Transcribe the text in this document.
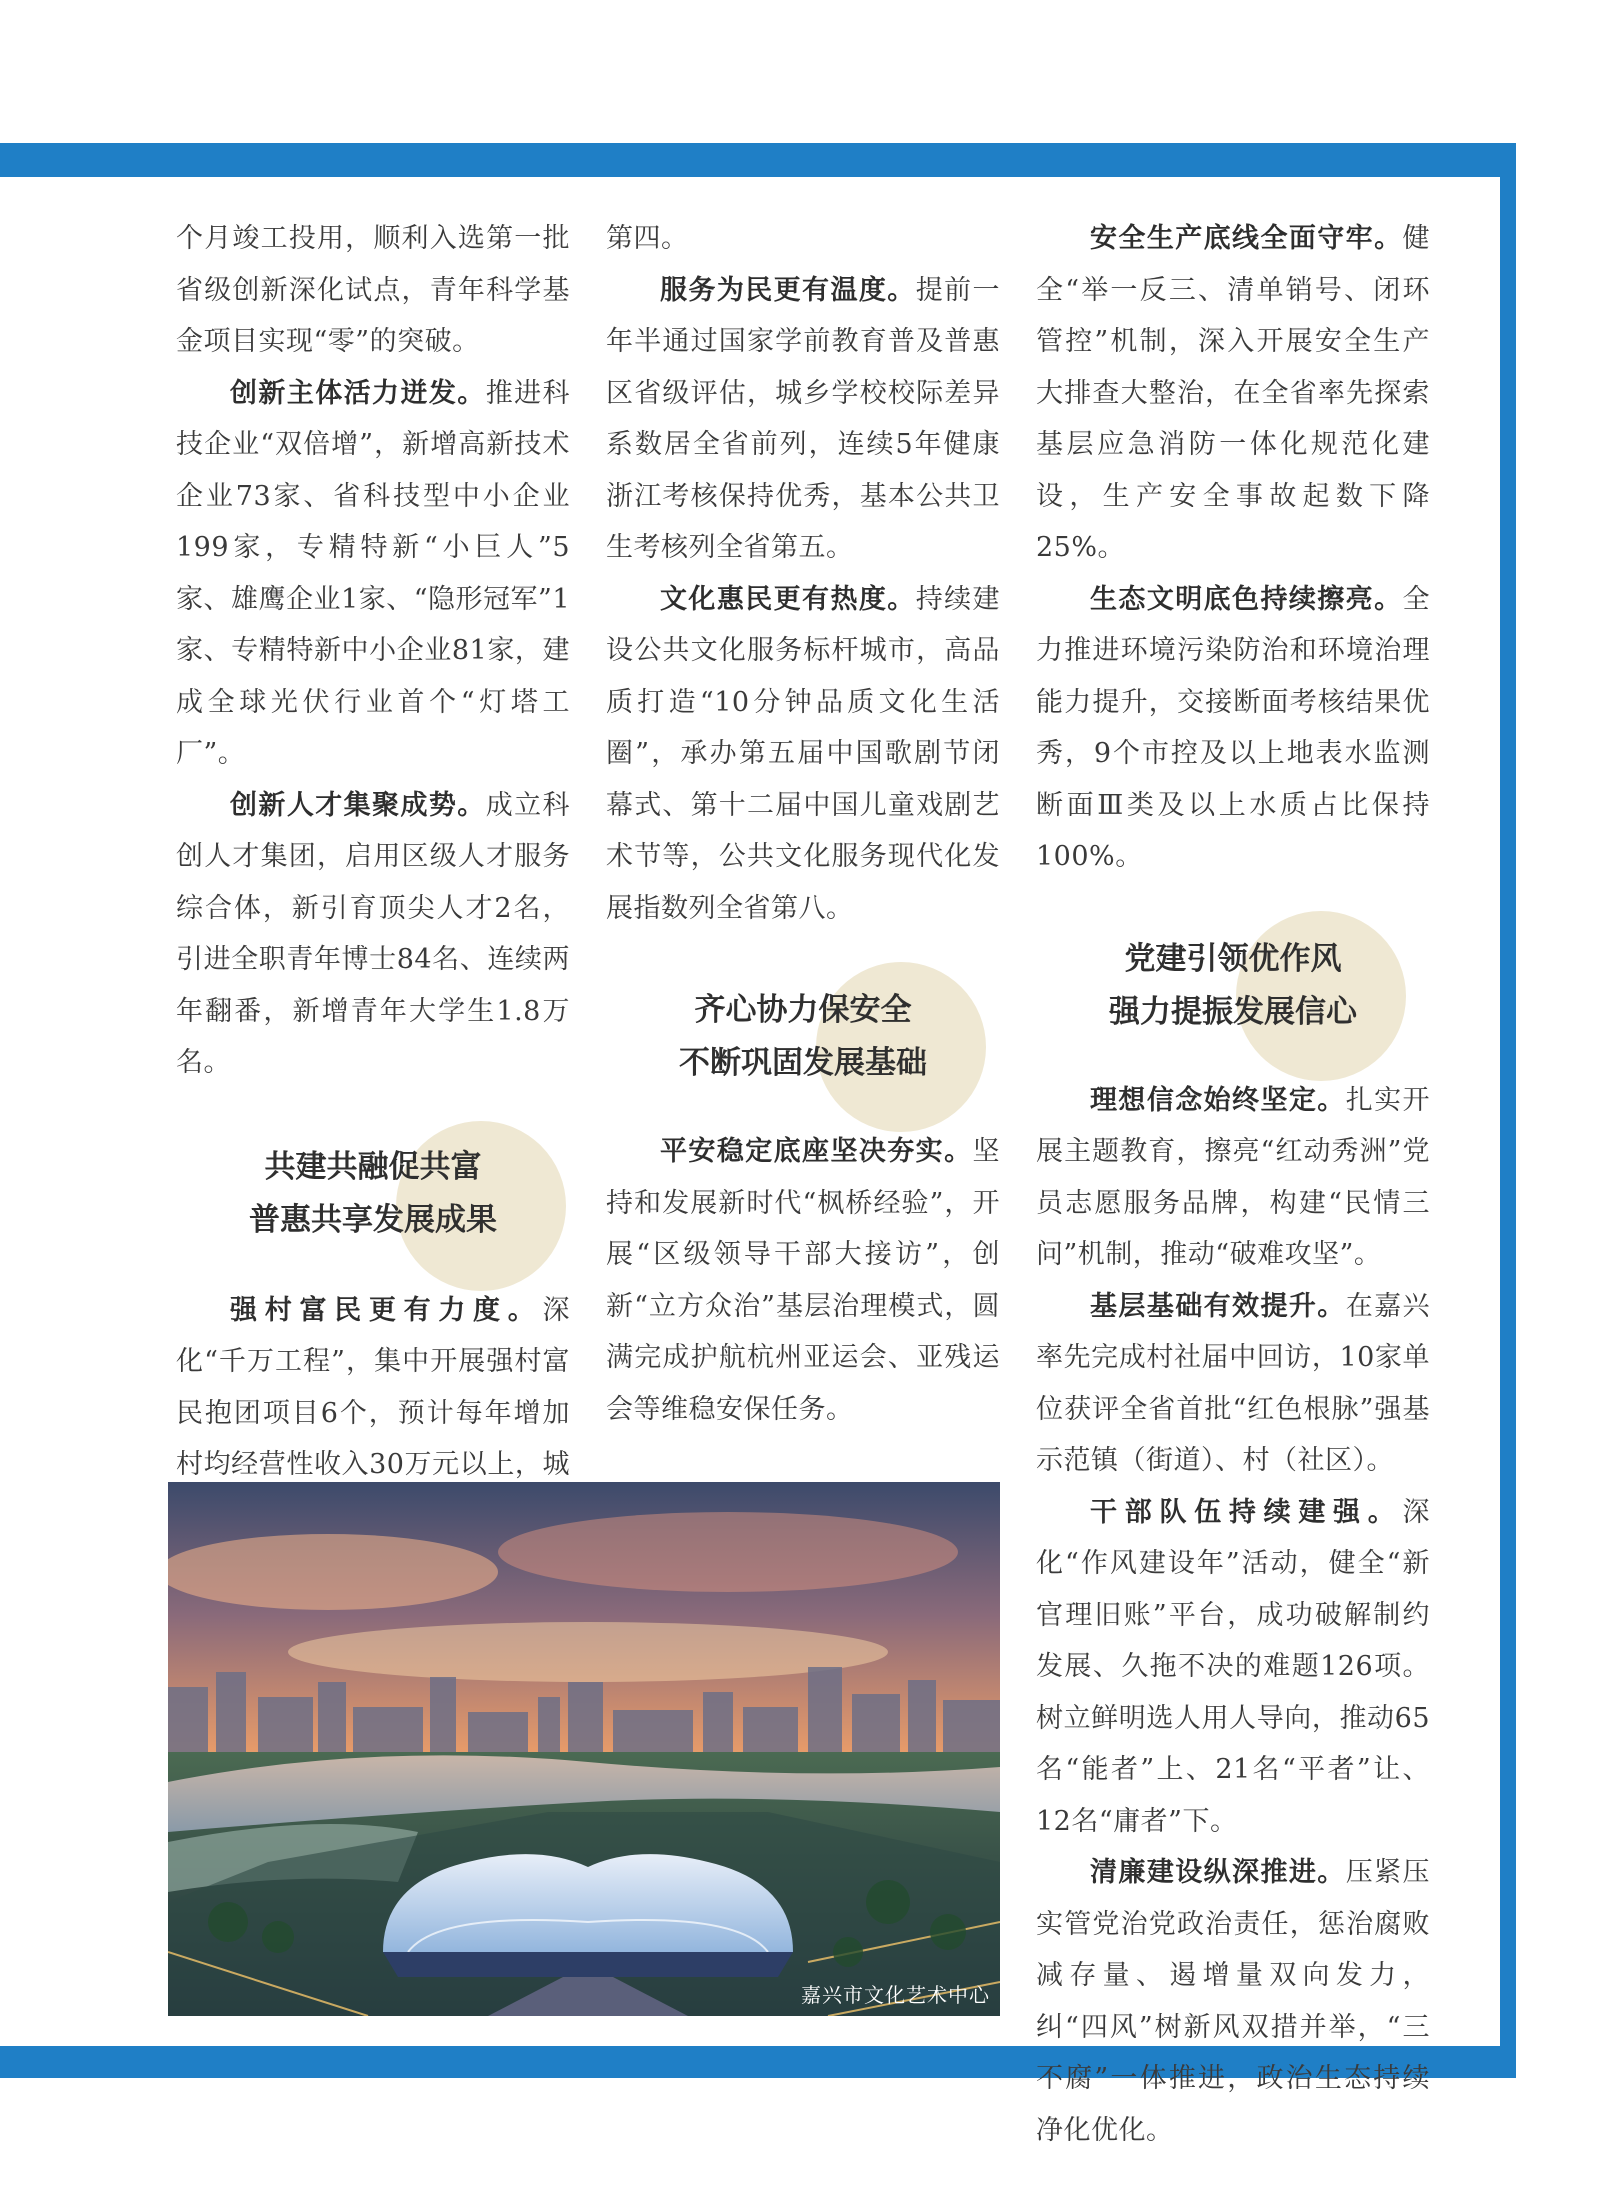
个月竣工投用，顺利入选第一批省级创新深化试点，青年科学基金项目实现“零”的突破。

创新主体活力迸发。推进科技企业“双倍增”，新增高新技术企业73家、省科技型中小企业199家，专精特新“小巨人”5家、雄鹰企业1家、“隐形冠军”1家、专精特新中小企业81家，建成全球光伏行业首个“灯塔工厂”。

创新人才集聚成势。成立科创人才集团，启用区级人才服务综合体，新引育顶尖人才2名，引进全职青年博士84名、连续两年翻番，新增青年大学生1.8万名。

共建共融促共富
普惠共享发展成果

强村富民更有力度。深化“千万工程”，集中开展强村富民抱团项目6个，预计每年增加村均经营性收入30万元以上，城

第四。

服务为民更有温度。提前一年半通过国家学前教育普及普惠区省级评估，城乡学校校际差异系数居全省前列，连续5年健康浙江考核保持优秀，基本公共卫生考核列全省第五。

文化惠民更有热度。持续建设公共文化服务标杆城市，高品质打造“10分钟品质文化生活圈”，承办第五届中国歌剧节闭幕式、第十二届中国儿童戏剧艺术节等，公共文化服务现代化发展指数列全省第八。

齐心协力保安全
不断巩固发展基础

平安稳定底座坚决夯实。坚持和发展新时代“枫桥经验”，开展“区级领导干部大接访”，创新“立方众治”基层治理模式，圆满完成护航杭州亚运会、亚残运会等维稳安保任务。

安全生产底线全面守牢。健全“举一反三、清单销号、闭环管控”机制，深入开展安全生产大排查大整治，在全省率先探索基层应急消防一体化规范化建设，生产安全事故起数下降25%。

生态文明底色持续擦亮。全力推进环境污染防治和环境治理能力提升，交接断面考核结果优秀，9个市控及以上地表水监测断面Ⅲ类及以上水质占比保持100%。

党建引领优作风
强力提振发展信心

理想信念始终坚定。扎实开展主题教育，擦亮“红动秀洲”党员志愿服务品牌，构建“民情三问”机制，推动“破难攻坚”。

基层基础有效提升。在嘉兴率先完成村社届中回访，10家单位获评全省首批“红色根脉”强基示范镇（街道）、村（社区）。

干部队伍持续建强。深化“作风建设年”活动，健全“新官理旧账”平台，成功破解制约发展、久拖不决的难题126项。树立鲜明选人用人导向，推动65名“能者”上、21名“平者”让、12名“庸者”下。

清廉建设纵深推进。压紧压实管党治党政治责任，惩治腐败减存量、遏增量双向发力，纠“四风”树新风双措并举，“三不腐”一体推进，政治生态持续净化优化。

嘉兴市文化艺术中心
